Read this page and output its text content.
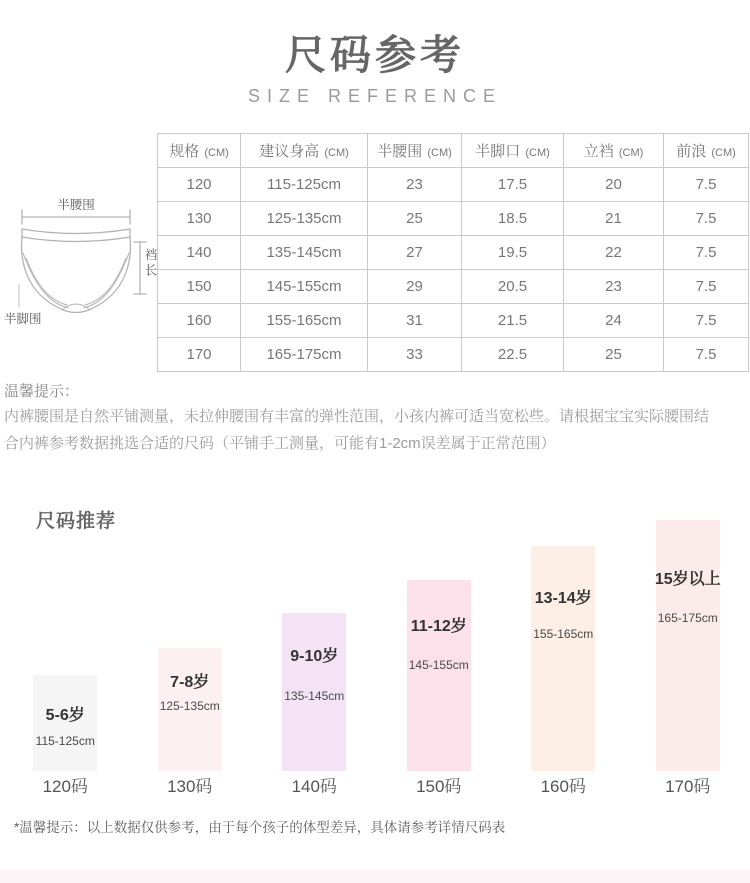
尺码参考
SIZE REFERENCE
规格 (CM)	建议身高 (CM)	半腰围 (CM)	半脚口 (CM)	立裆 (CM)	前浪 (CM)
120	115-125cm	23	17.5	20	7.5
130	125-135cm	25	18.5	21	7.5
140	135-145cm	27	19.5	22	7.5
150	145-155cm	29	20.5	23	7.5
160	155-165cm	31	21.5	24	7.5
170	165-175cm	33	22.5	25	7.5
半腰围
裆长
半脚围
温馨提示：
内裤腰围是自然平铺测量，未拉伸腰围有丰富的弹性范围，小孩内裤可适当宽松些。请根据宝宝实际腰围结
合内裤参考数据挑选合适的尺码（平铺手工测量，可能有1-2cm误差属于正常范围）
尺码推荐
5-6岁
115-125cm
7-8岁
125-135cm
9-10岁
135-145cm
11-12岁
145-155cm
13-14岁
155-165cm
15岁以上
165-175cm
120码	130码	140码	150码	160码	170码
*温馨提示：以上数据仅供参考，由于每个孩子的体型差异，具体请参考详情尺码表
